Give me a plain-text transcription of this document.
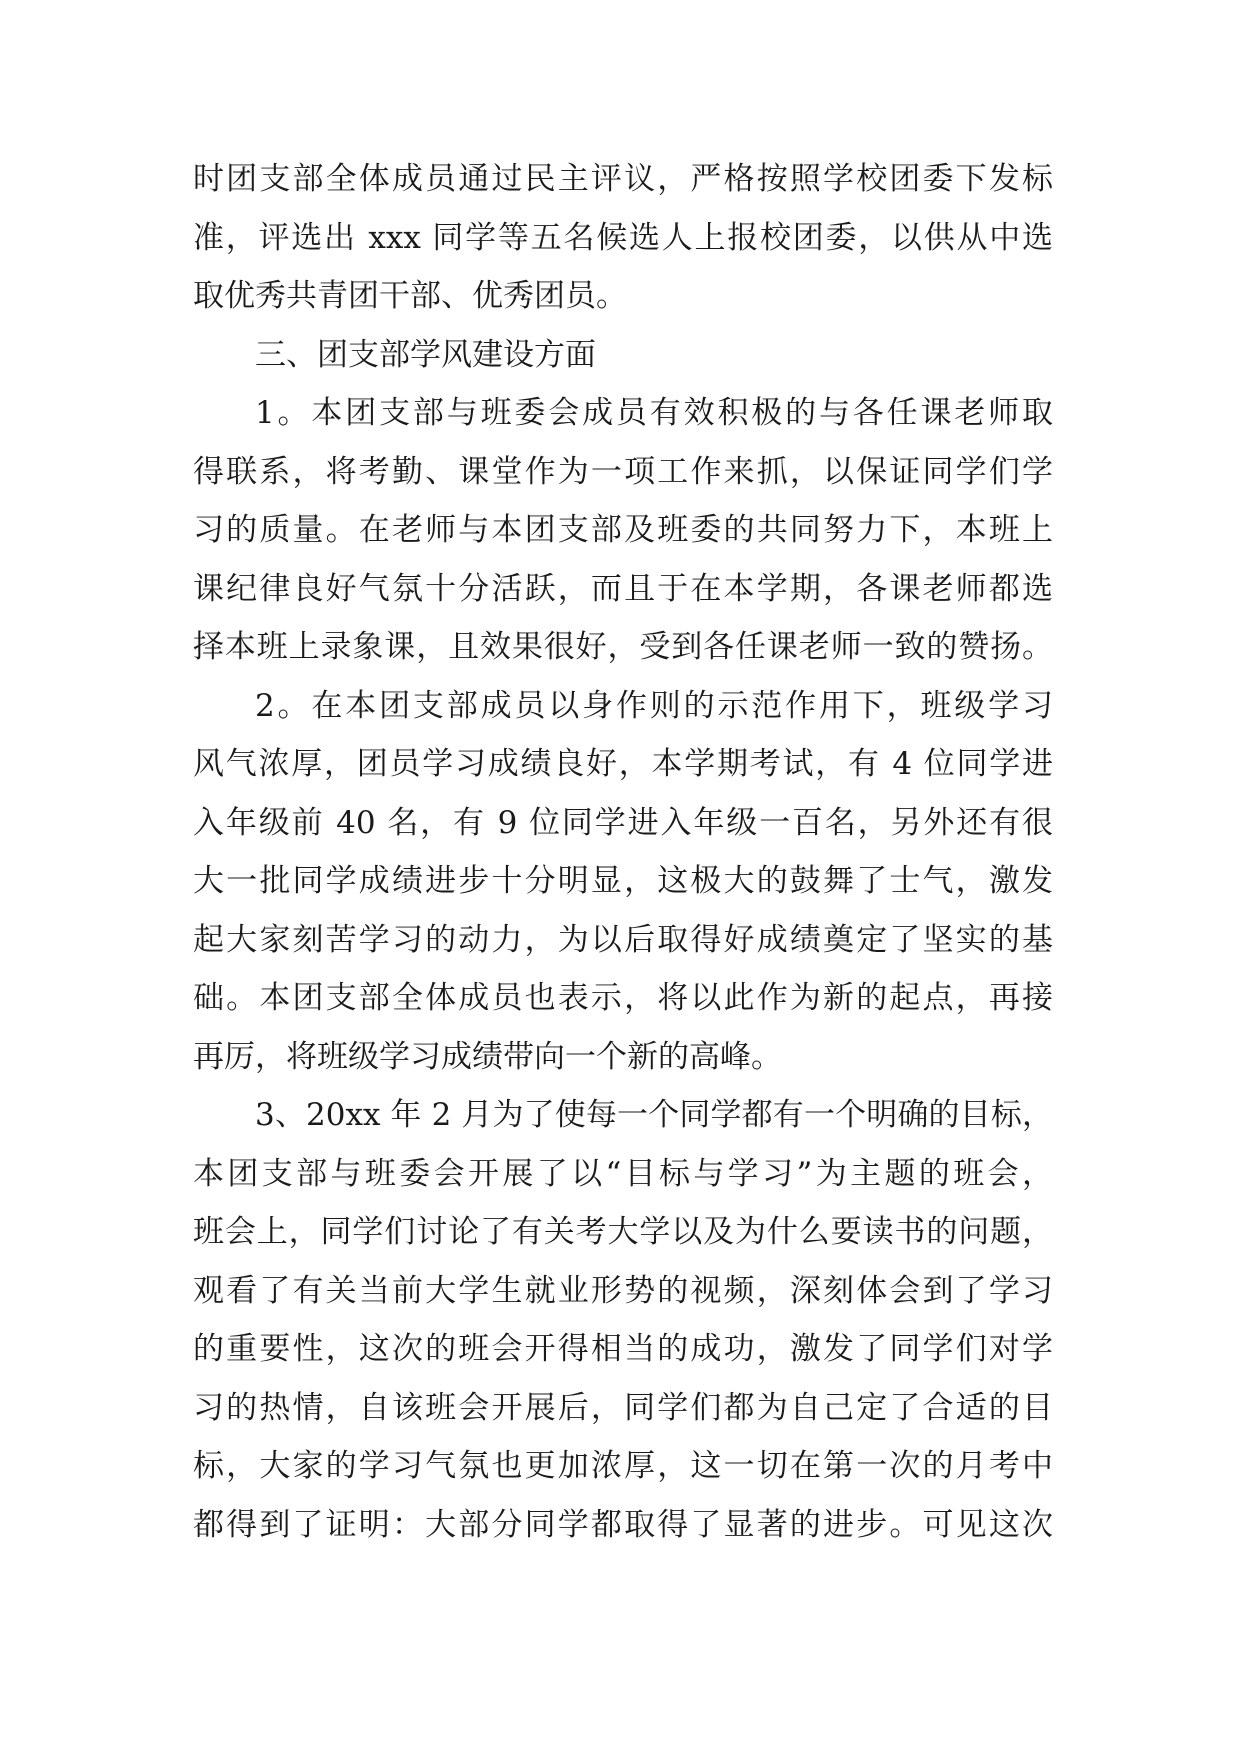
时团支部全体成员通过民主评议，严格按照学校团委下发标
准，评选出 xxx 同学等五名候选人上报校团委，以供从中选
取优秀共青团干部、优秀团员。
三、团支部学风建设方面
1。本团支部与班委会成员有效积极的与各任课老师取
得联系，将考勤、课堂作为一项工作来抓，以保证同学们学
习的质量。在老师与本团支部及班委的共同努力下，本班上
课纪律良好气氛十分活跃，而且于在本学期，各课老师都选
择本班上录象课，且效果很好，受到各任课老师一致的赞扬。
2。在本团支部成员以身作则的示范作用下，班级学习
风气浓厚，团员学习成绩良好，本学期考试，有 4 位同学进
入年级前 40 名，有 9 位同学进入年级一百名，另外还有很
大一批同学成绩进步十分明显，这极大的鼓舞了士气，激发
起大家刻苦学习的动力，为以后取得好成绩奠定了坚实的基
础。本团支部全体成员也表示，将以此作为新的起点，再接
再厉，将班级学习成绩带向一个新的高峰。
3、20xx 年 2 月为了使每一个同学都有一个明确的目标，
本团支部与班委会开展了以“目标与学习”为主题的班会，
班会上，同学们讨论了有关考大学以及为什么要读书的问题，
观看了有关当前大学生就业形势的视频，深刻体会到了学习
的重要性，这次的班会开得相当的成功，激发了同学们对学
习的热情，自该班会开展后，同学们都为自己定了合适的目
标，大家的学习气氛也更加浓厚，这一切在第一次的月考中
都得到了证明：大部分同学都取得了显著的进步。可见这次
